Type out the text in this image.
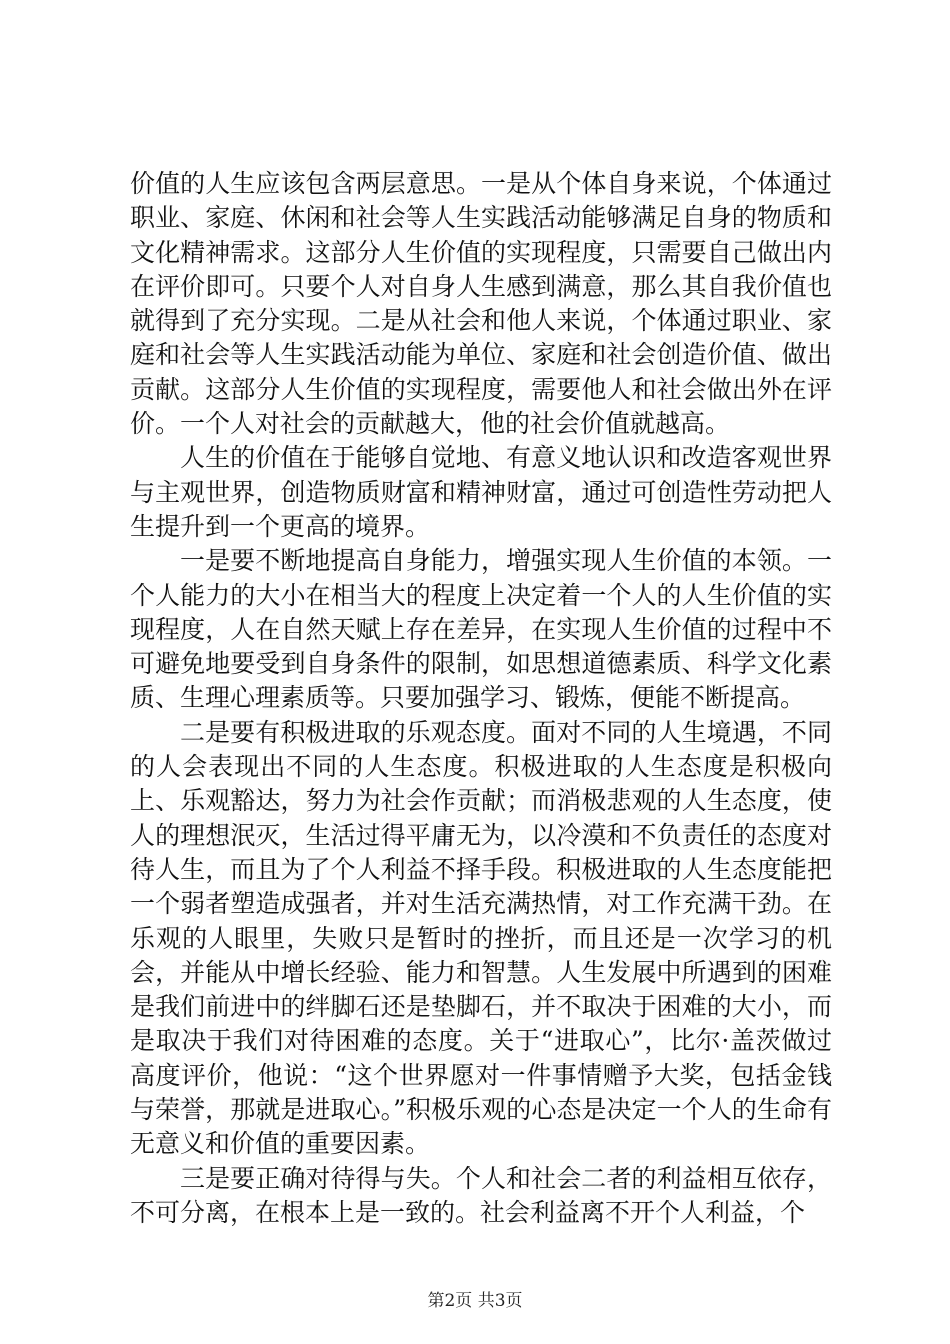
价值的人生应该包含两层意思。一是从个体自身来说，个体通过职业、家庭、休闲和社会等人生实践活动能够满足自身的物质和文化精神需求。这部分人生价值的实现程度，只需要自己做出内在评价即可。只要个人对自身人生感到满意，那么其自我价值也就得到了充分实现。二是从社会和他人来说，个体通过职业、家庭和社会等人生实践活动能为单位、家庭和社会创造价值、做出贡献。这部分人生价值的实现程度，需要他人和社会做出外在评价。一个人对社会的贡献越大，他的社会价值就越高。

人生的价值在于能够自觉地、有意义地认识和改造客观世界与主观世界，创造物质财富和精神财富，通过可创造性劳动把人生提升到一个更高的境界。

一是要不断地提高自身能力，增强实现人生价值的本领。一个人能力的大小在相当大的程度上决定着一个人的人生价值的实现程度，人在自然天赋上存在差异，在实现人生价值的过程中不可避免地要受到自身条件的限制，如思想道德素质、科学文化素质、生理心理素质等。只要加强学习、锻炼，便能不断提高。

二是要有积极进取的乐观态度。面对不同的人生境遇，不同的人会表现出不同的人生态度。积极进取的人生态度是积极向上、乐观豁达，努力为社会作贡献；而消极悲观的人生态度，使人的理想泯灭，生活过得平庸无为，以冷漠和不负责任的态度对待人生，而且为了个人利益不择手段。积极进取的人生态度能把一个弱者塑造成强者，并对生活充满热情，对工作充满干劲。在乐观的人眼里，失败只是暂时的挫折，而且还是一次学习的机会，并能从中增长经验、能力和智慧。人生发展中所遇到的困难是我们前进中的绊脚石还是垫脚石，并不取决于困难的大小，而是取决于我们对待困难的态度。关于“进取心”，比尔·盖茨做过高度评价，他说：“这个世界愿对一件事情赠予大奖，包括金钱与荣誉，那就是进取心。”积极乐观的心态是决定一个人的生命有无意义和价值的重要因素。

三是要正确对待得与失。个人和社会二者的利益相互依存，不可分离，在根本上是一致的。社会利益离不开个人利益，个

第2页 共3页
